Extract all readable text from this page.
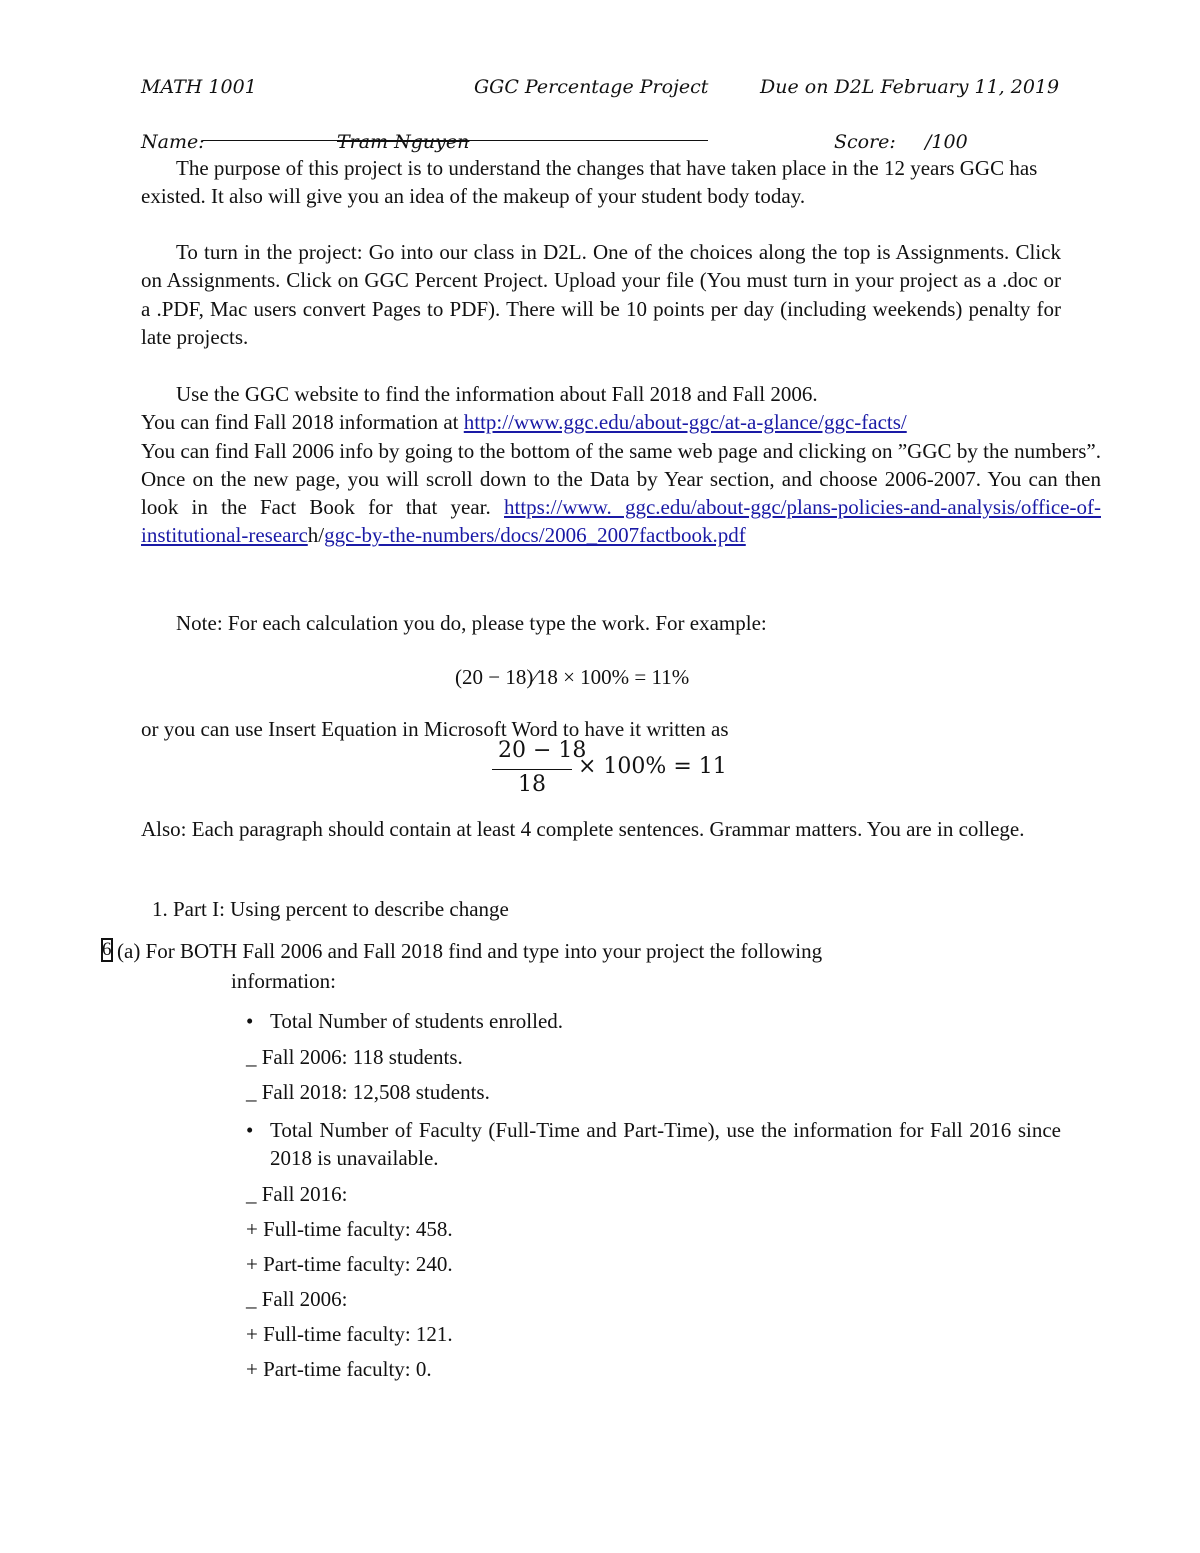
MATH 1001	GGC Percentage Project	Due on D2L February 11, 2019
Name:	Tram Nguyen	Score: /100
The purpose of this project is to understand the changes that have taken place in the 12 years GGC has existed. It also will give you an idea of the makeup of your student body today.
To turn in the project: Go into our class in D2L. One of the choices along the top is Assignments. Click on Assignments. Click on GGC Percent Project. Upload your file (You must turn in your project as a .doc or a .PDF, Mac users convert Pages to PDF). There will be 10 points per day (including weekends) penalty for late projects.
Use the GGC website to find the information about Fall 2018 and Fall 2006.
You can find Fall 2018 information at http://www.ggc.edu/about-ggc/at-a-glance/ggc-facts/
You can find Fall 2006 info by going to the bottom of the same web page and clicking on ”GGC by the numbers”. Once on the new page, you will scroll down to the Data by Year section, and choose 2006-2007. You can then look in the Fact Book for that year. https://www. ggc.edu/about-ggc/plans-policies-and-analysis/office-of-institutional-research/ggc-by-the-numbers/docs/2006_2007factbook.pdf
Note: For each calculation you do, please type the work. For example:
(20 − 18)⁄18 × 100% = 11%
or you can use Insert Equation in Microsoft Word to have it written as
20 − 18
18
× 100% = 11
Also: Each paragraph should contain at least 4 complete sentences. Grammar matters. You are in college.
1. Part I: Using percent to describe change
6 (a) For BOTH Fall 2006 and Fall 2018 find and type into your project the following
information:
• Total Number of students enrolled.
_ Fall 2006: 118 students.
_ Fall 2018: 12,508 students.
• Total Number of Faculty (Full-Time and Part-Time), use the information for Fall 2016 since 2018 is unavailable.
_ Fall 2016:
+ Full-time faculty: 458.
+ Part-time faculty: 240.
_ Fall 2006:
+ Full-time faculty: 121.
+ Part-time faculty: 0.
